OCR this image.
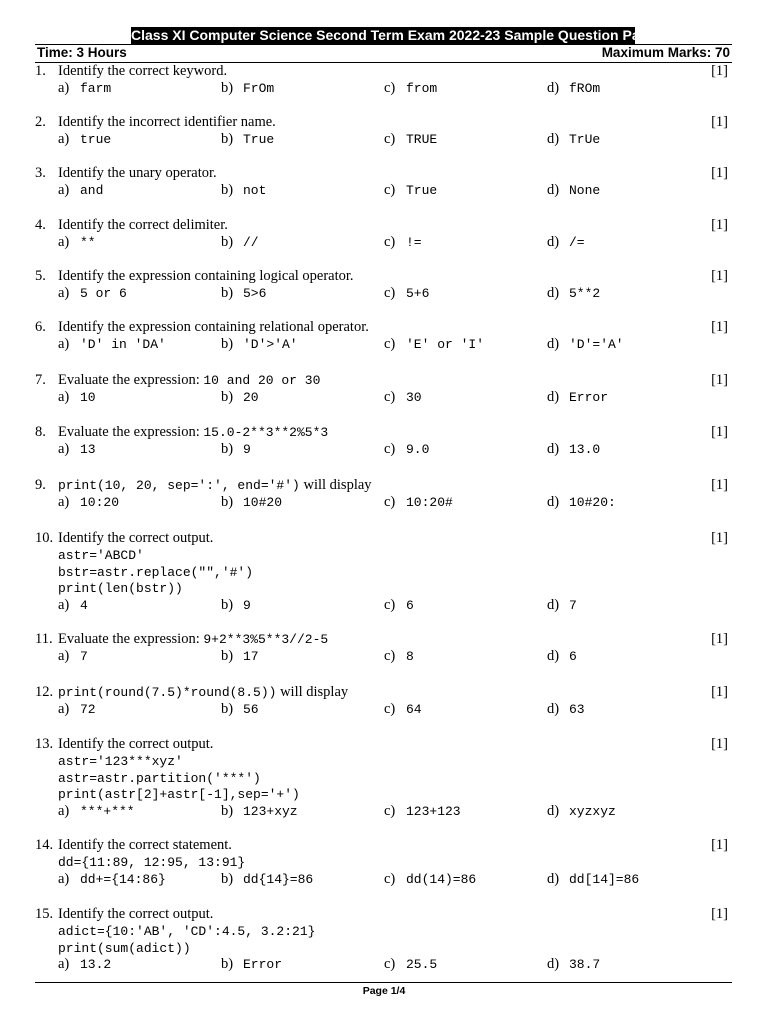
Class XI Computer Science Second Term Exam 2022-23 Sample Question Paper
Time: 3 Hours	Maximum Marks: 70
1. Identify the correct keyword.	[1]
a) farm	b) FrOm	c) from	d) fROm
2. Identify the incorrect identifier name.	[1]
a) true	b) True	c) TRUE	d) TrUe
3. Identify the unary operator.	[1]
a) and	b) not	c) True	d) None
4. Identify the correct delimiter.	[1]
a) **	b) //	c) !=	d) /=
5. Identify the expression containing logical operator.	[1]
a) 5 or 6	b) 5>6	c) 5+6	d) 5**2
6. Identify the expression containing relational operator.	[1]
a) 'D' in 'DA'	b) 'D'>'A'	c) 'E' or 'I'	d) 'D'='A'
7. Evaluate the expression: 10 and 20 or 30	[1]
a) 10	b) 20	c) 30	d) Error
8. Evaluate the expression: 15.0-2**3**2%5*3	[1]
a) 13	b) 9	c) 9.0	d) 13.0
9. print(10, 20, sep=':', end='#') will display	[1]
a) 10:20	b) 10#20	c) 10:20#	d) 10#20:
10. Identify the correct output.	[1]
astr='ABCD'
bstr=astr.replace("",'#')
print(len(bstr))
a) 4	b) 9	c) 6	d) 7
11. Evaluate the expression: 9+2**3%5**3//2-5	[1]
a) 7	b) 17	c) 8	d) 6
12. print(round(7.5)*round(8.5)) will display	[1]
a) 72	b) 56	c) 64	d) 63
13. Identify the correct output.	[1]
astr='123***xyz'
astr=astr.partition('***')
print(astr[2]+astr[-1],sep='+')
a) ***+***	b) 123+xyz	c) 123+123	d) xyzxyz
14. Identify the correct statement.	[1]
dd={11:89, 12:95, 13:91}
a) dd+={14:86}	b) dd{14}=86	c) dd(14)=86	d) dd[14]=86
15. Identify the correct output.	[1]
adict={10:'AB', 'CD':4.5, 3.2:21}
print(sum(adict))
a) 13.2	b) Error	c) 25.5	d) 38.7
Page 1/4
